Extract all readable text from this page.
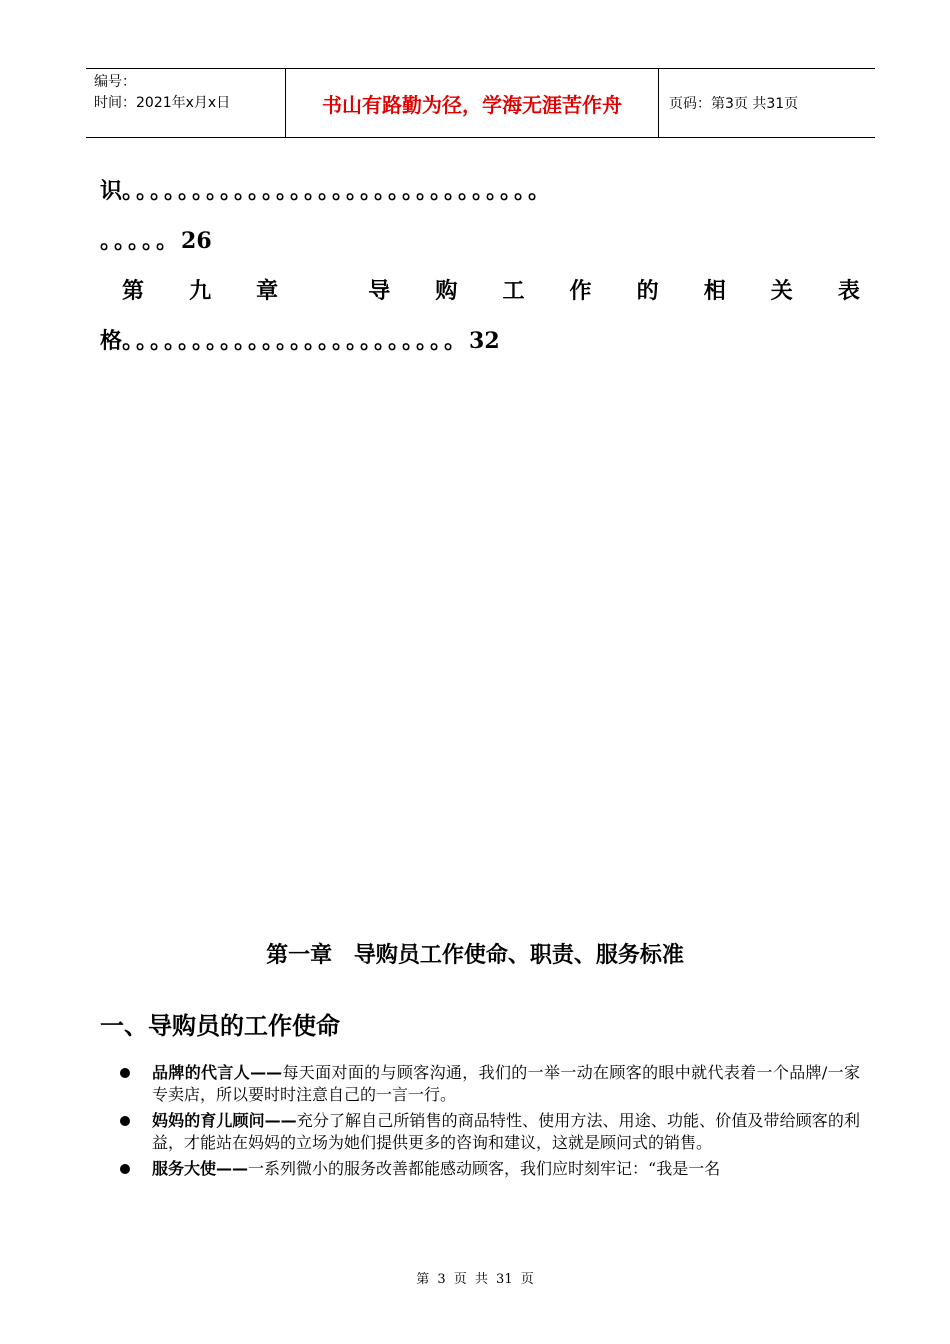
编号：
时间：2021年x月x日	书山有路勤为径，学海无涯苦作舟	页码：第3页 共31页
识。。。。。。。。。。。。。。。。。。。。。。。。。。。。。。
。。。。。26
第 九 章	导 购 工 作 的 相 关 表
格。。。。。。。。。。。。。。。。。。。。。。。。32
第一章 导购员工作使命、职责、服务标准
一、导购员的工作使命
品牌的代言人——每天面对面的与顾客沟通，我们的一举一动在顾客的眼中就代表着一个品牌/一家专卖店，所以要时时注意自己的一言一行。
妈妈的育儿顾问——充分了解自己所销售的商品特性、使用方法、用途、功能、价值及带给顾客的利益，才能站在妈妈的立场为她们提供更多的咨询和建议，这就是顾问式的销售。
服务大使——一系列微小的服务改善都能感动顾客，我们应时刻牢记：“我是一名
第 3 页 共 31 页
